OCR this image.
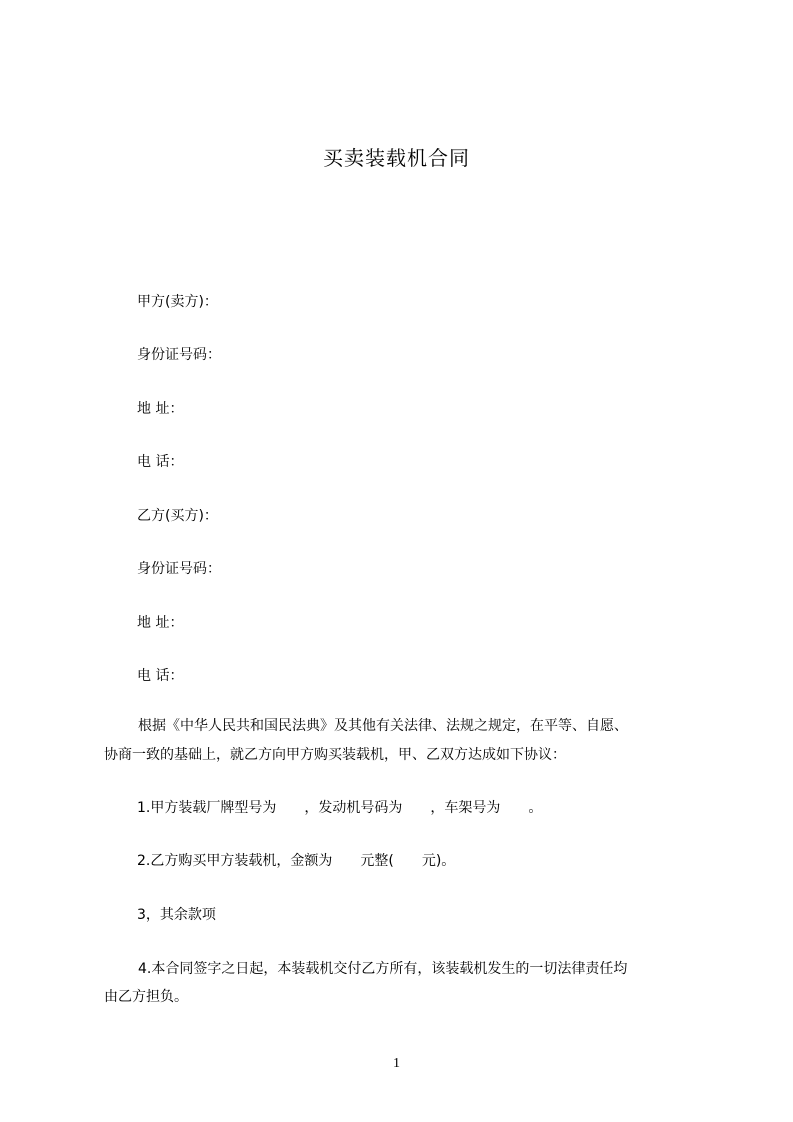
买卖装载机合同
甲方(卖方)：
身份证号码：
地 址：
电 话：
乙方(买方)：
身份证号码：
地 址：
电 话：
根据《中华人民共和国民法典》及其他有关法律、法规之规定，在平等、自愿、
协商一致的基础上，就乙方向甲方购买装载机，甲、乙双方达成如下协议：
1.甲方装载厂牌型号为 ，发动机号码为 ，车架号为 。
2.乙方购买甲方装载机，金额为 元整( 元)。
3，其余款项
4.本合同签字之日起，本装载机交付乙方所有，该装载机发生的一切法律责任均
由乙方担负。
1
